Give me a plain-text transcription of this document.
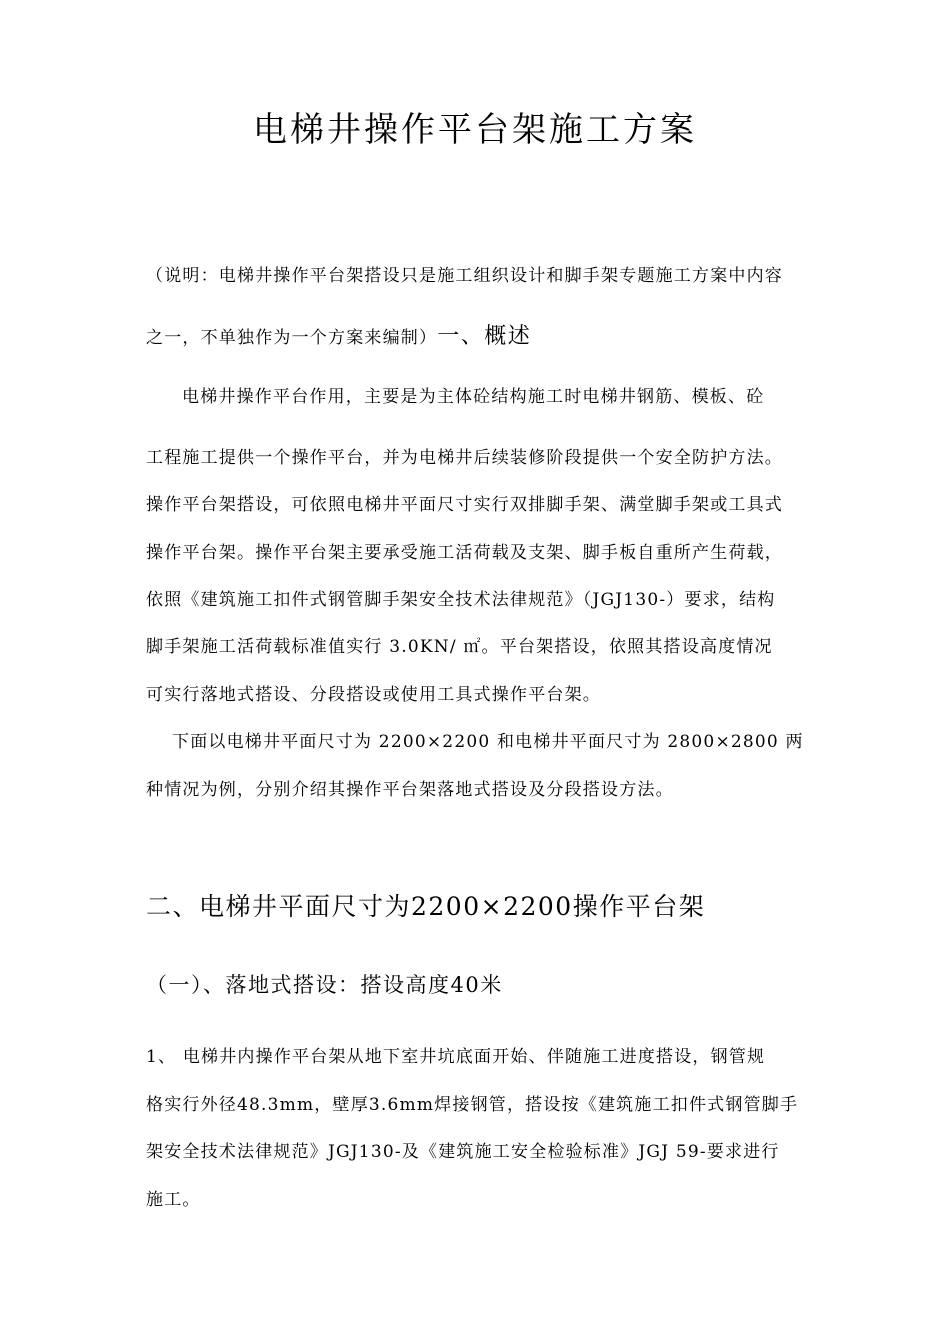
电梯井操作平台架施工方案
（说明：电梯井操作平台架搭设只是施工组织设计和脚手架专题施工方案中内容
之一，不单独作为一个方案来编制）一、概述
电梯井操作平台作用，主要是为主体砼结构施工时电梯井钢筋、模板、砼
工程施工提供一个操作平台，并为电梯井后续装修阶段提供一个安全防护方法。
操作平台架搭设，可依照电梯井平面尺寸实行双排脚手架、满堂脚手架或工具式
操作平台架。操作平台架主要承受施工活荷载及支架、脚手板自重所产生荷载，
依照《建筑施工扣件式钢管脚手架安全技术法律规范》（JGJ130-）要求，结构
脚手架施工活荷载标准值实行 3.0KN/ ㎡。平台架搭设，依照其搭设高度情况
可实行落地式搭设、分段搭设或使用工具式操作平台架。
下面以电梯井平面尺寸为 2200×2200 和电梯井平面尺寸为 2800×2800 两
种情况为例，分别介绍其操作平台架落地式搭设及分段搭设方法。
二、电梯井平面尺寸为2200×2200操作平台架
（一）、落地式搭设：搭设高度40米
1、 电梯井内操作平台架从地下室井坑底面开始、伴随施工进度搭设，钢管规
格实行外径48.3mm，壁厚3.6mm焊接钢管，搭设按《建筑施工扣件式钢管脚手
架安全技术法律规范》JGJ130-及《建筑施工安全检验标准》JGJ 59-要求进行
施工。
